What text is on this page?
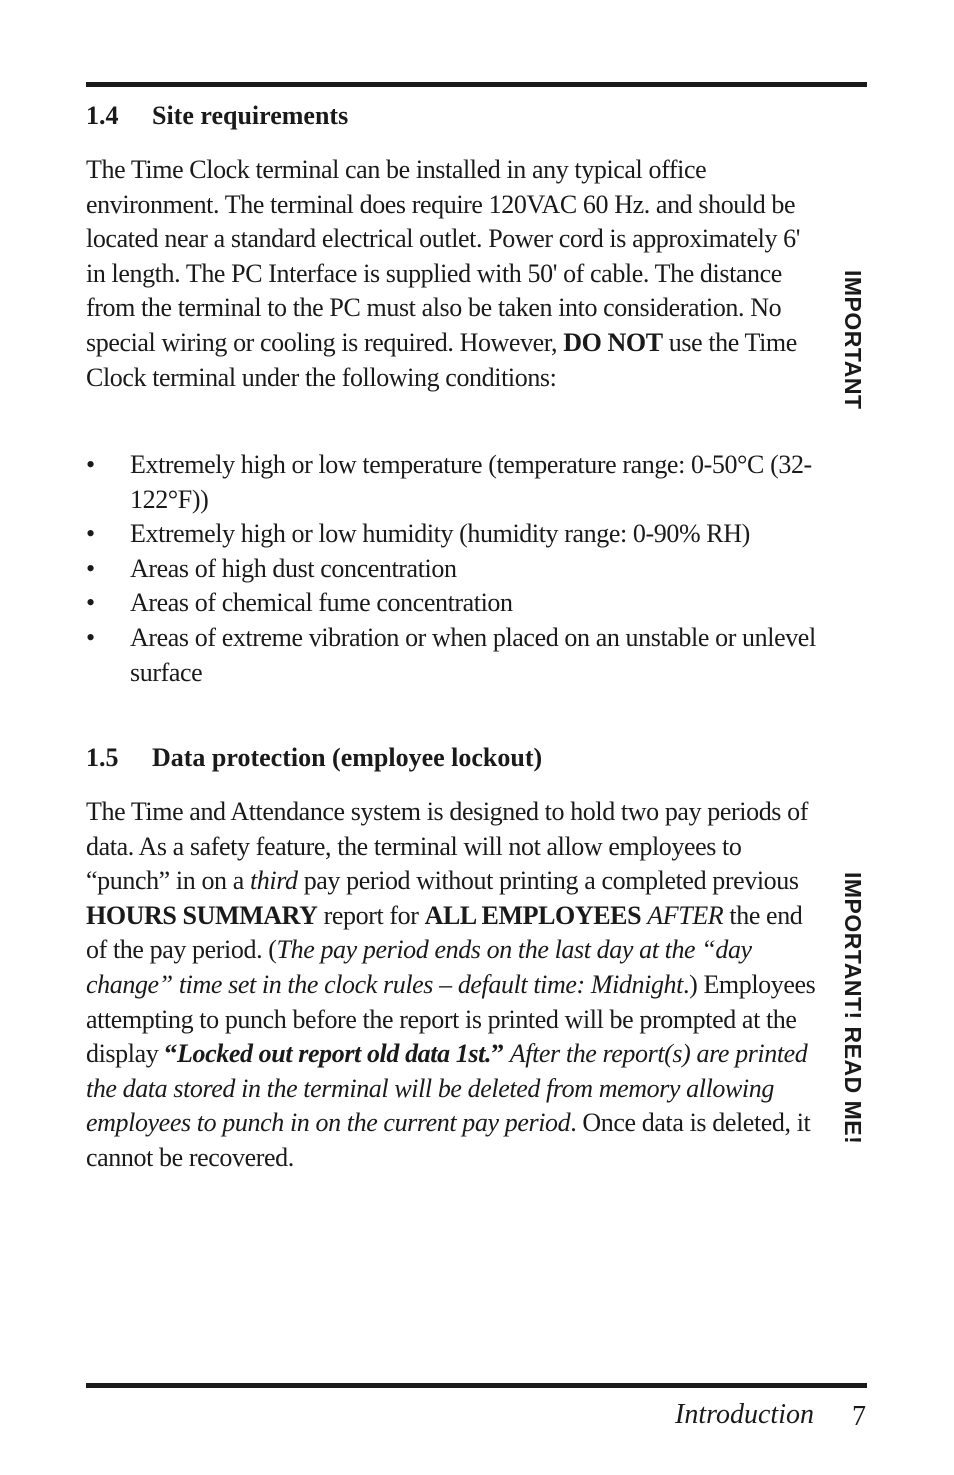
1.4 Site requirements

The Time Clock terminal can be installed in any typical office environment. The terminal does require 120VAC 60 Hz. and should be located near a standard electrical outlet. Power cord is approximately 6' in length. The PC Interface is supplied with 50' of cable. The distance from the terminal to the PC must also be taken into consideration. No special wiring or cooling is required. However, DO NOT use the Time Clock terminal under the following conditions:

• Extremely high or low temperature (temperature range: 0-50°C (32-122°F))
• Extremely high or low humidity (humidity range: 0-90% RH)
• Areas of high dust concentration
• Areas of chemical fume concentration
• Areas of extreme vibration or when placed on an unstable or unlevel surface
1.5 Data protection (employee lockout)

The Time and Attendance system is designed to hold two pay periods of data. As a safety feature, the terminal will not allow employees to “punch” in on a third pay period without printing a completed previous HOURS SUMMARY report for ALL EMPLOYEES AFTER the end of the pay period. (The pay period ends on the last day at the “day change” time set in the clock rules – default time: Midnight.) Employees attempting to punch before the report is printed will be prompted at the display “Locked out report old data 1st.” After the report(s) are printed the data stored in the terminal will be deleted from memory allowing employees to punch in on the current pay period. Once data is deleted, it cannot be recovered.

IMPORTANT
IMPORTANT! READ ME!
Introduction 7
